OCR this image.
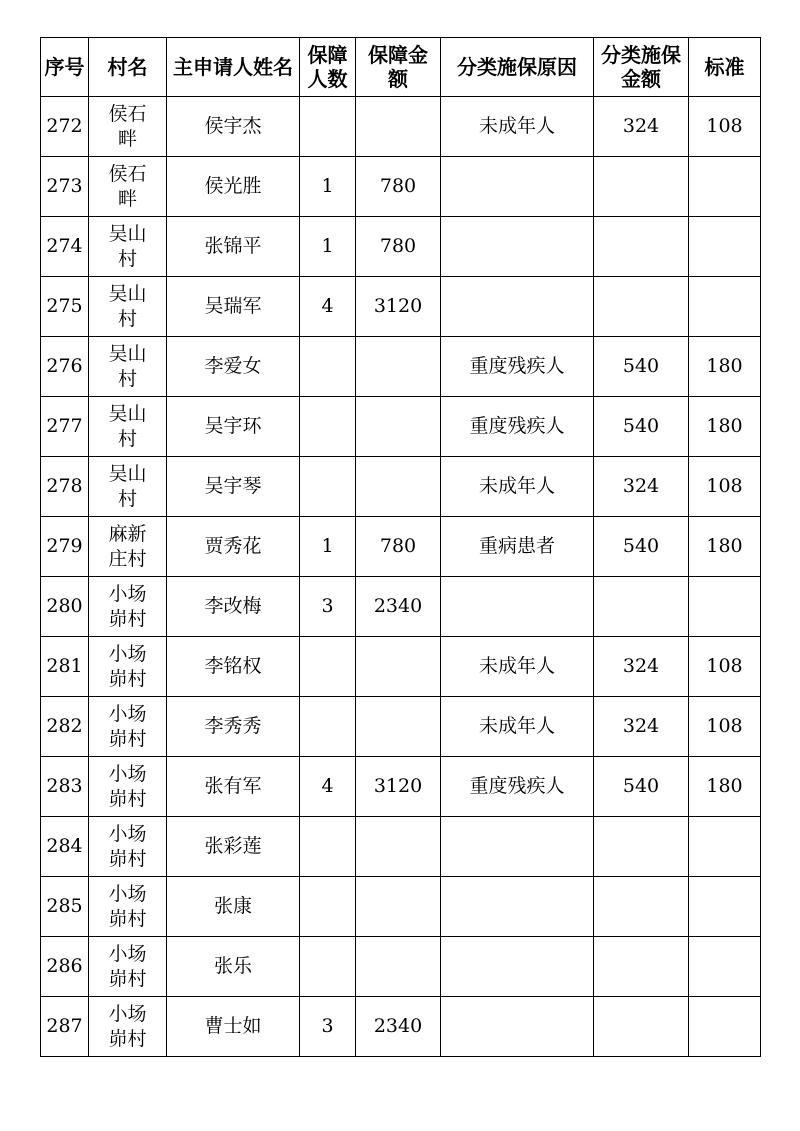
序号	村名	主申请人姓名	保障人数	保障金额	分类施保原因	分类施保金额	标准
272	侯石畔	侯宇杰			未成年人	324	108
273	侯石畔	侯光胜	1	780			
274	吴山村	张锦平	1	780			
275	吴山村	吴瑞军	4	3120			
276	吴山村	李爱女			重度残疾人	540	180
277	吴山村	吴宇环			重度残疾人	540	180
278	吴山村	吴宇琴			未成年人	324	108
279	麻新庄村	贾秀花	1	780	重病患者	540	180
280	小场峁村	李改梅	3	2340			
281	小场峁村	李铭权			未成年人	324	108
282	小场峁村	李秀秀			未成年人	324	108
283	小场峁村	张有军	4	3120	重度残疾人	540	180
284	小场峁村	张彩莲					
285	小场峁村	张康					
286	小场峁村	张乐					
287	小场峁村	曹士如	3	2340			
